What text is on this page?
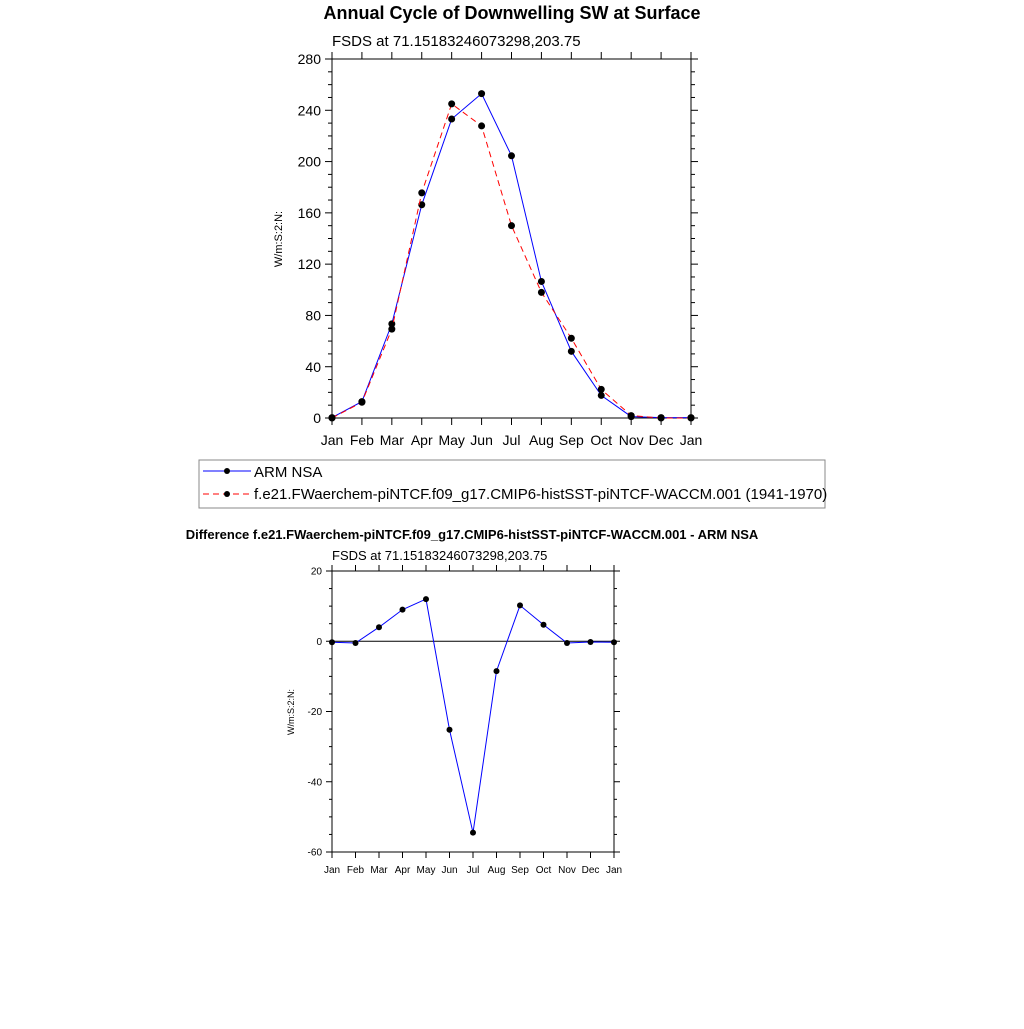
Annual Cycle of Downwelling SW at Surface
FSDS at 71.15183246073298,203.75
W/m:S:2:N:
Jan Feb Mar Apr May Jun Jul Aug Sep Oct Nov Dec Jan
0
40
80
120
160
200
240
280
ARM NSA
f.e21.FWaerchem-piNTCF.f09_g17.CMIP6-histSST-piNTCF-WACCM.001 (1941-1970)
Difference f.e21.FWaerchem-piNTCF.f09_g17.CMIP6-histSST-piNTCF-WACCM.001 - ARM NSA
FSDS at 71.15183246073298,203.75
W/m:S:2:N:
Jan Feb Mar Apr May Jun Jul Aug Sep Oct Nov Dec Jan
-60
-40
-20
0
20
